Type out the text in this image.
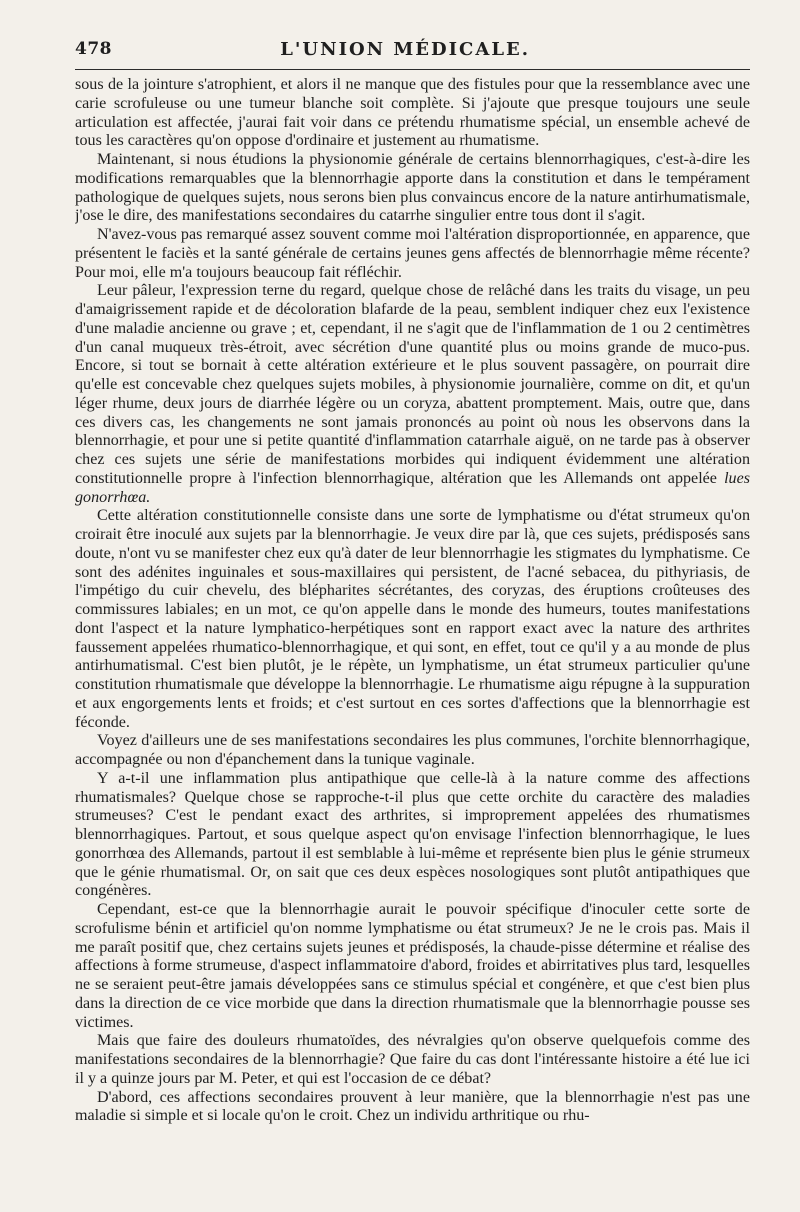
478	L'UNION MÉDICALE.

sous de la jointure s'atrophient, et alors il ne manque que des fistules pour que la ressemblance avec une carie scrofuleuse ou une tumeur blanche soit complète. Si j'ajoute que presque toujours une seule articulation est affectée, j'aurai fait voir dans ce prétendu rhumatisme spécial, un ensemble achevé de tous les caractères qu'on oppose d'ordinaire et justement au rhumatisme.

Maintenant, si nous étudions la physionomie générale de certains blennorrhagiques, c'est-à-dire les modifications remarquables que la blennorrhagie apporte dans la constitution et dans le tempérament pathologique de quelques sujets, nous serons bien plus convaincus encore de la nature antirhumatismale, j'ose le dire, des manifestations secondaires du catarrhe singulier entre tous dont il s'agit.

N'avez-vous pas remarqué assez souvent comme moi l'altération disproportionnée, en apparence, que présentent le faciès et la santé générale de certains jeunes gens affectés de blennorrhagie même récente? Pour moi, elle m'a toujours beaucoup fait réfléchir.

Leur pâleur, l'expression terne du regard, quelque chose de relâché dans les traits du visage, un peu d'amaigrissement rapide et de décoloration blafarde de la peau, semblent indiquer chez eux l'existence d'une maladie ancienne ou grave ; et, cependant, il ne s'agit que de l'inflammation de 1 ou 2 centimètres d'un canal muqueux très-étroit, avec sécrétion d'une quantité plus ou moins grande de muco-pus. Encore, si tout se bornait à cette altération extérieure et le plus souvent passagère, on pourrait dire qu'elle est concevable chez quelques sujets mobiles, à physionomie journalière, comme on dit, et qu'un léger rhume, deux jours de diarrhée légère ou un coryza, abattent promptement. Mais, outre que, dans ces divers cas, les changements ne sont jamais prononcés au point où nous les observons dans la blennorrhagie, et pour une si petite quantité d'inflammation catarrhale aiguë, on ne tarde pas à observer chez ces sujets une série de manifestations morbides qui indiquent évidemment une altération constitutionnelle propre à l'infection blennorrhagique, altération que les Allemands ont appelée lues gonorrhœa.

Cette altération constitutionnelle consiste dans une sorte de lymphatisme ou d'état strumeux qu'on croirait être inoculé aux sujets par la blennorrhagie. Je veux dire par là, que ces sujets, prédisposés sans doute, n'ont vu se manifester chez eux qu'à dater de leur blennorrhagie les stigmates du lymphatisme. Ce sont des adénites inguinales et sous-maxillaires qui persistent, de l'acné sebacea, du pithyriasis, de l'impétigo du cuir chevelu, des blépharites sécrétantes, des coryzas, des éruptions croûteuses des commissures labiales; en un mot, ce qu'on appelle dans le monde des humeurs, toutes manifestations dont l'aspect et la nature lymphatico-herpétiques sont en rapport exact avec la nature des arthrites faussement appelées rhumatico-blennorrhagique, et qui sont, en effet, tout ce qu'il y a au monde de plus antirhumatismal. C'est bien plutôt, je le répète, un lymphatisme, un état strumeux particulier qu'une constitution rhumatismale que développe la blennorrhagie. Le rhumatisme aigu répugne à la suppuration et aux engorgements lents et froids; et c'est surtout en ces sortes d'affections que la blennorrhagie est féconde.

Voyez d'ailleurs une de ses manifestations secondaires les plus communes, l'orchite blennorrhagique, accompagnée ou non d'épanchement dans la tunique vaginale.

Y a-t-il une inflammation plus antipathique que celle-là à la nature comme des affections rhumatismales? Quelque chose se rapproche-t-il plus que cette orchite du caractère des maladies strumeuses? C'est le pendant exact des arthrites, si improprement appelées des rhumatismes blennorrhagiques. Partout, et sous quelque aspect qu'on envisage l'infection blennorrhagique, le lues gonorrhœa des Allemands, partout il est semblable à lui-même et représente bien plus le génie strumeux que le génie rhumatismal. Or, on sait que ces deux espèces nosologiques sont plutôt antipathiques que congénères.

Cependant, est-ce que la blennorrhagie aurait le pouvoir spécifique d'inoculer cette sorte de scrofulisme bénin et artificiel qu'on nomme lymphatisme ou état strumeux? Je ne le crois pas. Mais il me paraît positif que, chez certains sujets jeunes et prédisposés, la chaude-pisse détermine et réalise des affections à forme strumeuse, d'aspect inflammatoire d'abord, froides et abirritatives plus tard, lesquelles ne se seraient peut-être jamais développées sans ce stimulus spécial et congénère, et que c'est bien plus dans la direction de ce vice morbide que dans la direction rhumatismale que la blennorrhagie pousse ses victimes.

Mais que faire des douleurs rhumatoïdes, des névralgies qu'on observe quelquefois comme des manifestations secondaires de la blennorrhagie? Que faire du cas dont l'intéressante histoire a été lue ici il y a quinze jours par M. Peter, et qui est l'occasion de ce débat?

D'abord, ces affections secondaires prouvent à leur manière, que la blennorrhagie n'est pas une maladie si simple et si locale qu'on le croit. Chez un individu arthritique ou rhu-
